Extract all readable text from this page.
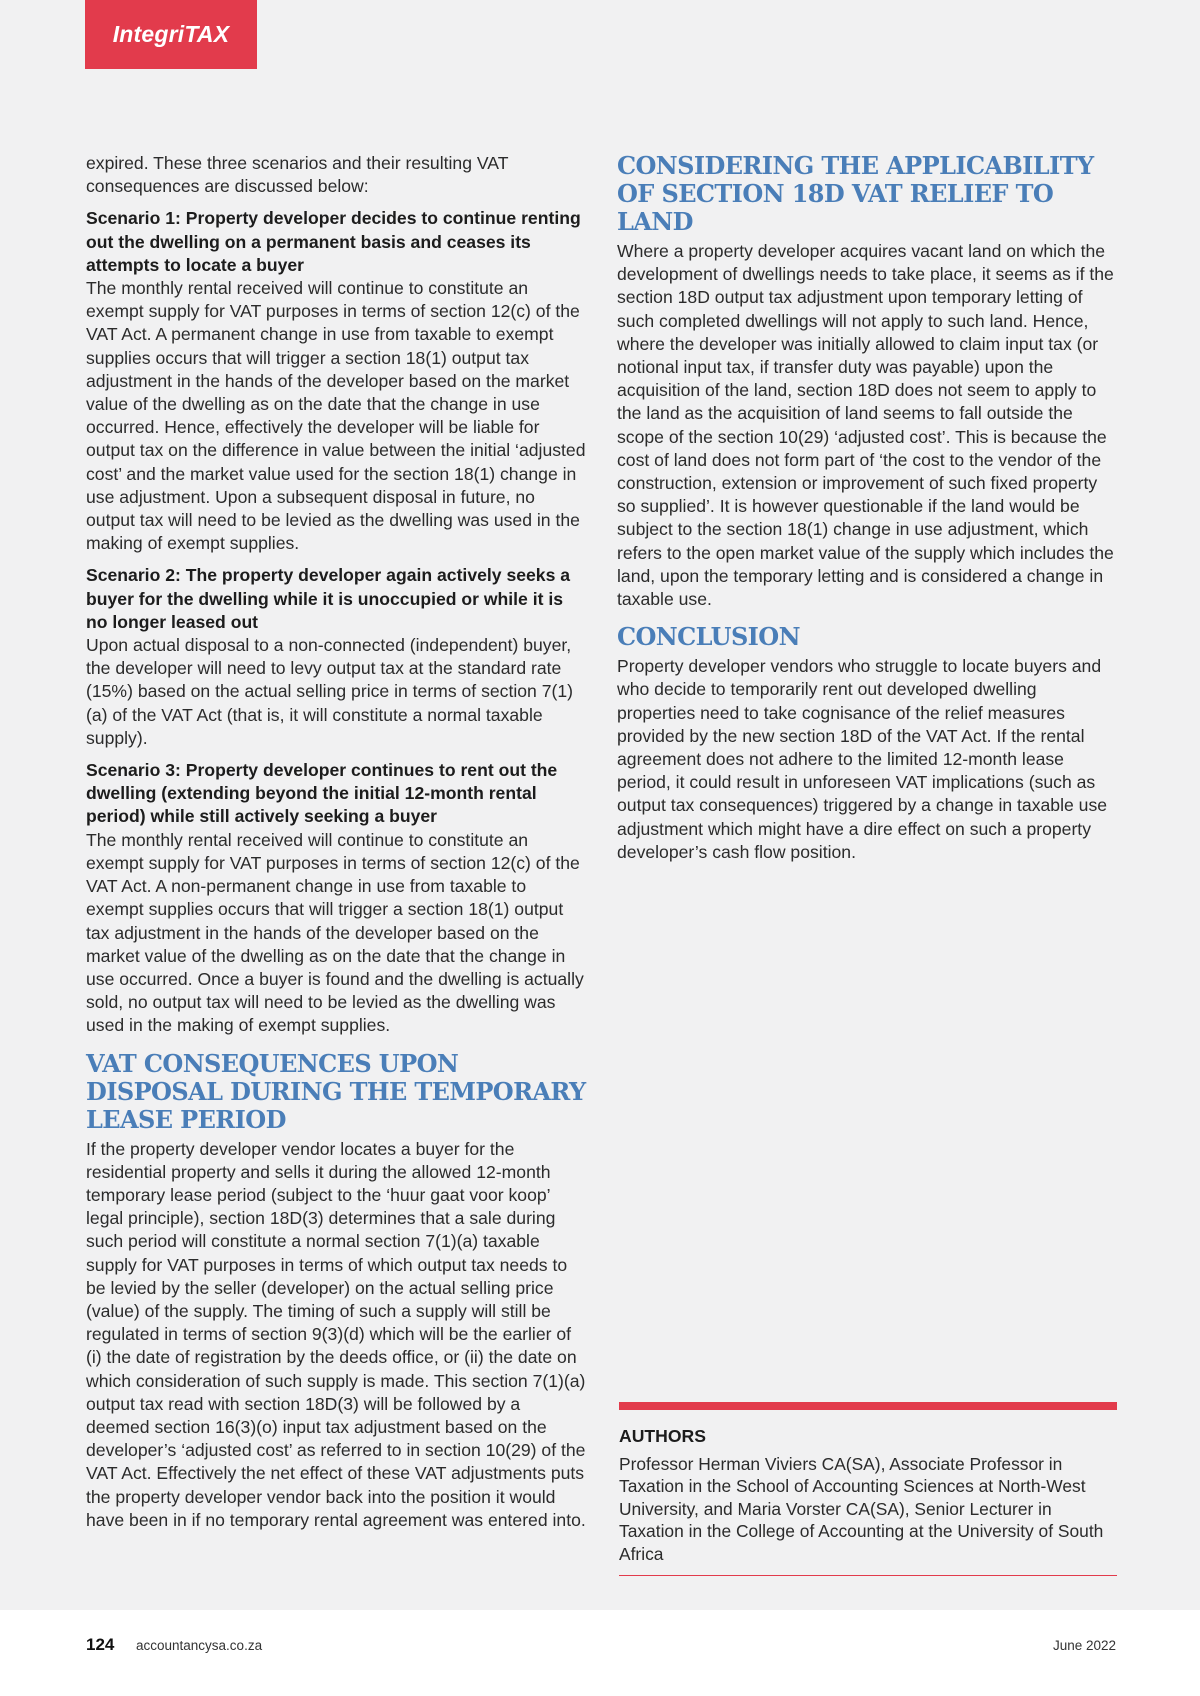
IntegriTAX

expired. These three scenarios and their resulting VAT consequences are discussed below:

Scenario 1: Property developer decides to continue renting out the dwelling on a permanent basis and ceases its attempts to locate a buyer

The monthly rental received will continue to constitute an exempt supply for VAT purposes in terms of section 12(c) of the VAT Act. A permanent change in use from taxable to exempt supplies occurs that will trigger a section 18(1) output tax adjustment in the hands of the developer based on the market value of the dwelling as on the date that the change in use occurred. Hence, effectively the developer will be liable for output tax on the difference in value between the initial ‘adjusted cost’ and the market value used for the section 18(1) change in use adjustment. Upon a subsequent disposal in future, no output tax will need to be levied as the dwelling was used in the making of exempt supplies.

Scenario 2: The property developer again actively seeks a buyer for the dwelling while it is unoccupied or while it is no longer leased out

Upon actual disposal to a non-connected (independent) buyer, the developer will need to levy output tax at the standard rate (15%) based on the actual selling price in terms of section 7(1)(a) of the VAT Act (that is, it will constitute a normal taxable supply).

Scenario 3: Property developer continues to rent out the dwelling (extending beyond the initial 12-month rental period) while still actively seeking a buyer

The monthly rental received will continue to constitute an exempt supply for VAT purposes in terms of section 12(c) of the VAT Act. A non-permanent change in use from taxable to exempt supplies occurs that will trigger a section 18(1) output tax adjustment in the hands of the developer based on the market value of the dwelling as on the date that the change in use occurred. Once a buyer is found and the dwelling is actually sold, no output tax will need to be levied as the dwelling was used in the making of exempt supplies.

VAT CONSEQUENCES UPON DISPOSAL DURING THE TEMPORARY LEASE PERIOD

If the property developer vendor locates a buyer for the residential property and sells it during the allowed 12-month temporary lease period (subject to the ‘huur gaat voor koop’ legal principle), section 18D(3) determines that a sale during such period will constitute a normal section 7(1)(a) taxable supply for VAT purposes in terms of which output tax needs to be levied by the seller (developer) on the actual selling price (value) of the supply. The timing of such a supply will still be regulated in terms of section 9(3)(d) which will be the earlier of (i) the date of registration by the deeds office, or (ii) the date on which consideration of such supply is made. This section 7(1)(a) output tax read with section 18D(3) will be followed by a deemed section 16(3)(o) input tax adjustment based on the developer’s ‘adjusted cost’ as referred to in section 10(29) of the VAT Act. Effectively the net effect of these VAT adjustments puts the property developer vendor back into the position it would have been in if no temporary rental agreement was entered into.

CONSIDERING THE APPLICABILITY OF SECTION 18D VAT RELIEF TO LAND

Where a property developer acquires vacant land on which the development of dwellings needs to take place, it seems as if the section 18D output tax adjustment upon temporary letting of such completed dwellings will not apply to such land. Hence, where the developer was initially allowed to claim input tax (or notional input tax, if transfer duty was payable) upon the acquisition of the land, section 18D does not seem to apply to the land as the acquisition of land seems to fall outside the scope of the section 10(29) ‘adjusted cost’. This is because the cost of land does not form part of ‘the cost to the vendor of the construction, extension or improvement of such fixed property so supplied’. It is however questionable if the land would be subject to the section 18(1) change in use adjustment, which refers to the open market value of the supply which includes the land, upon the temporary letting and is considered a change in taxable use.

CONCLUSION

Property developer vendors who struggle to locate buyers and who decide to temporarily rent out developed dwelling properties need to take cognisance of the relief measures provided by the new section 18D of the VAT Act. If the rental agreement does not adhere to the limited 12-month lease period, it could result in unforeseen VAT implications (such as output tax consequences) triggered by a change in taxable use adjustment which might have a dire effect on such a property developer’s cash flow position.

AUTHORS
Professor Herman Viviers CA(SA), Associate Professor in Taxation in the School of Accounting Sciences at North-West University, and Maria Vorster CA(SA), Senior Lecturer in Taxation in the College of Accounting at the University of South Africa
124 accountancysa.co.za	June 2022
